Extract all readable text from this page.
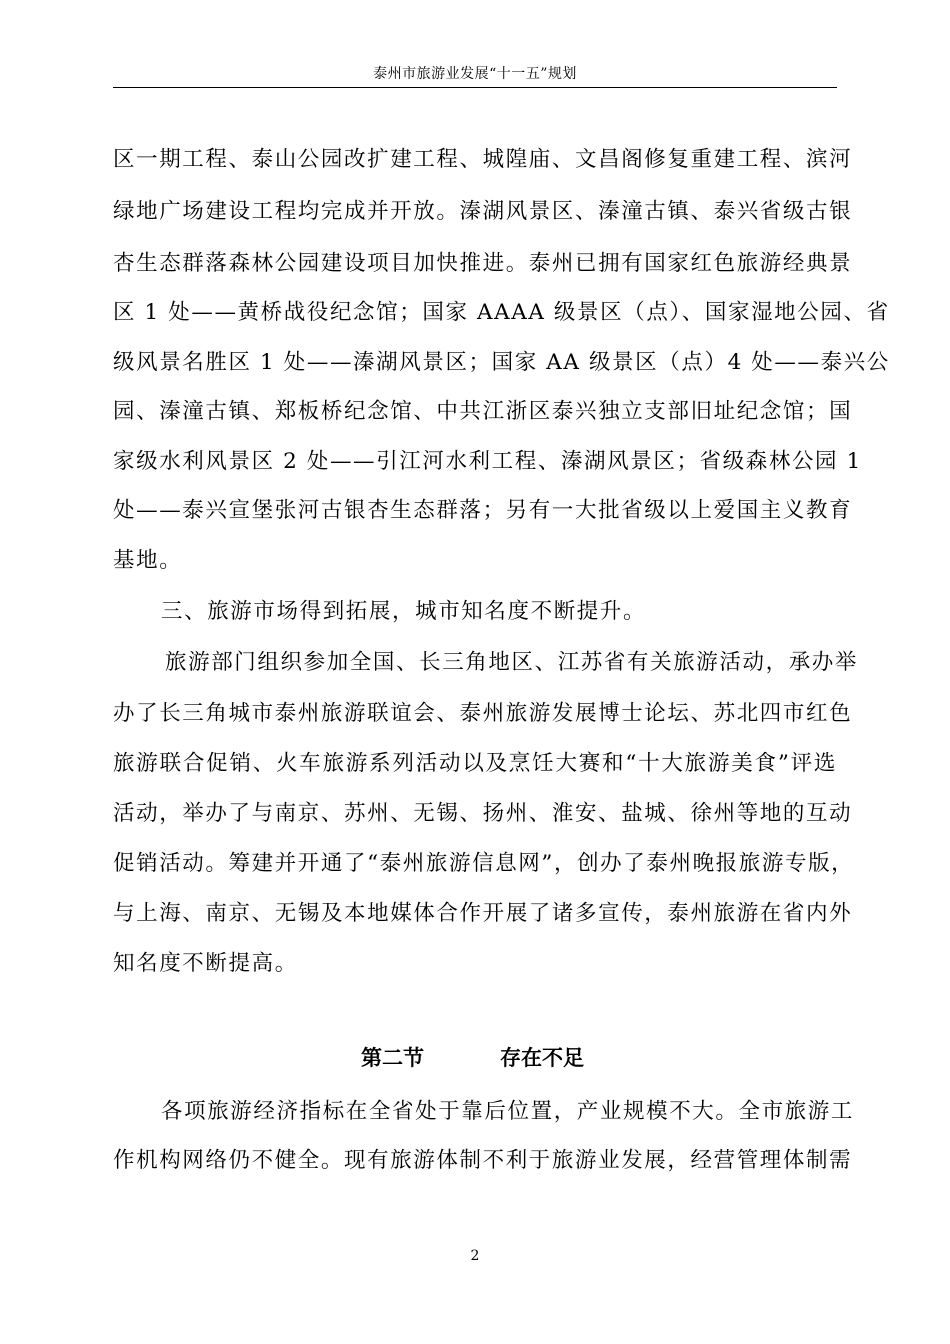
泰州市旅游业发展“十一五”规划
区一期工程、泰山公园改扩建工程、城隍庙、文昌阁修复重建工程、滨河
绿地广场建设工程均完成并开放。溱湖风景区、溱潼古镇、泰兴省级古银
杏生态群落森林公园建设项目加快推进。泰州已拥有国家红色旅游经典景
区 1 处——黄桥战役纪念馆；国家 AAAA 级景区（点）、国家湿地公园、省
级风景名胜区 1 处——溱湖风景区；国家 AA 级景区（点）4 处——泰兴公
园、溱潼古镇、郑板桥纪念馆、中共江浙区泰兴独立支部旧址纪念馆；国
家级水利风景区 2 处——引江河水利工程、溱湖风景区；省级森林公园 1
处——泰兴宣堡张河古银杏生态群落；另有一大批省级以上爱国主义教育
基地。
三、旅游市场得到拓展，城市知名度不断提升。
旅游部门组织参加全国、长三角地区、江苏省有关旅游活动，承办举
办了长三角城市泰州旅游联谊会、泰州旅游发展博士论坛、苏北四市红色
旅游联合促销、火车旅游系列活动以及烹饪大赛和“十大旅游美食”评选
活动，举办了与南京、苏州、无锡、扬州、淮安、盐城、徐州等地的互动
促销活动。筹建并开通了“泰州旅游信息网”，创办了泰州晚报旅游专版，
与上海、南京、无锡及本地媒体合作开展了诸多宣传，泰州旅游在省内外
知名度不断提高。
第二节	存在不足
各项旅游经济指标在全省处于靠后位置，产业规模不大。全市旅游工
作机构网络仍不健全。现有旅游体制不利于旅游业发展，经营管理体制需
2
